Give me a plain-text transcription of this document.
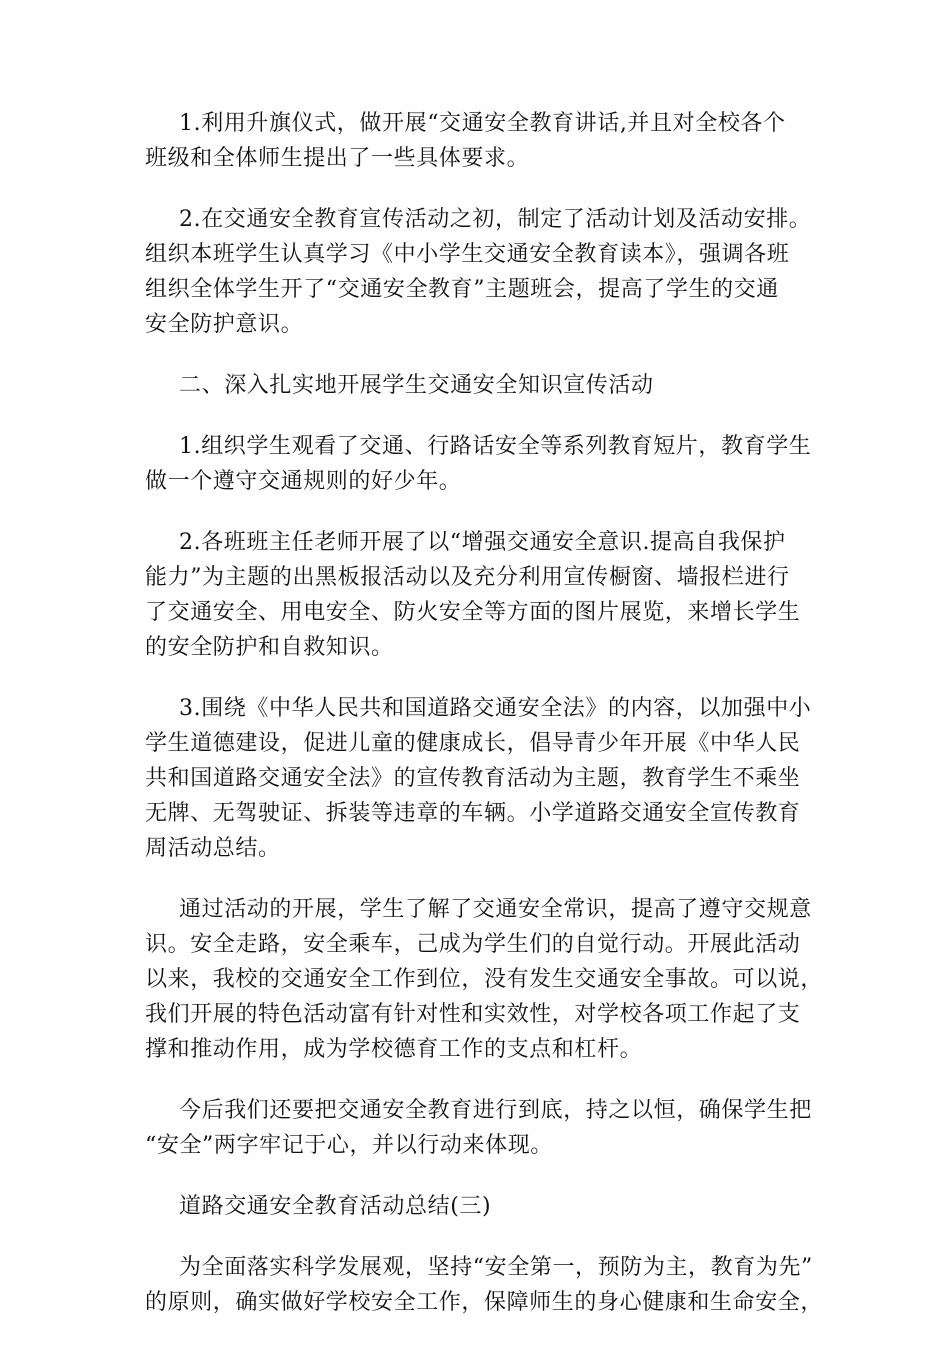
1.利用升旗仪式，做开展“交通安全教育讲话,并且对全校各个
班级和全体师生提出了一些具体要求。

2.在交通安全教育宣传活动之初，制定了活动计划及活动安排。
组织本班学生认真学习《中小学生交通安全教育读本》，强调各班
组织全体学生开了“交通安全教育”主题班会，提高了学生的交通
安全防护意识。

二、深入扎实地开展学生交通安全知识宣传活动

1.组织学生观看了交通、行路话安全等系列教育短片，教育学生
做一个遵守交通规则的好少年。

2.各班班主任老师开展了以“增强交通安全意识.提高自我保护
能力”为主题的出黑板报活动以及充分利用宣传橱窗、墙报栏进行
了交通安全、用电安全、防火安全等方面的图片展览，来增长学生
的安全防护和自救知识。

3.围绕《中华人民共和国道路交通安全法》的内容，以加强中小
学生道德建设，促进儿童的健康成长，倡导青少年开展《中华人民
共和国道路交通安全法》的宣传教育活动为主题，教育学生不乘坐
无牌、无驾驶证、拆装等违章的车辆。小学道路交通安全宣传教育
周活动总结。

通过活动的开展，学生了解了交通安全常识，提高了遵守交规意
识。安全走路，安全乘车，己成为学生们的自觉行动。开展此活动
以来，我校的交通安全工作到位，没有发生交通安全事故。可以说，
我们开展的特色活动富有针对性和实效性，对学校各项工作起了支
撑和推动作用，成为学校德育工作的支点和杠杆。

今后我们还要把交通安全教育进行到底，持之以恒，确保学生把
“安全”两字牢记于心，并以行动来体现。

道路交通安全教育活动总结(三)

为全面落实科学发展观，坚持“安全第一，预防为主，教育为先”
的原则，确实做好学校安全工作，保障师生的身心健康和生命安全，
